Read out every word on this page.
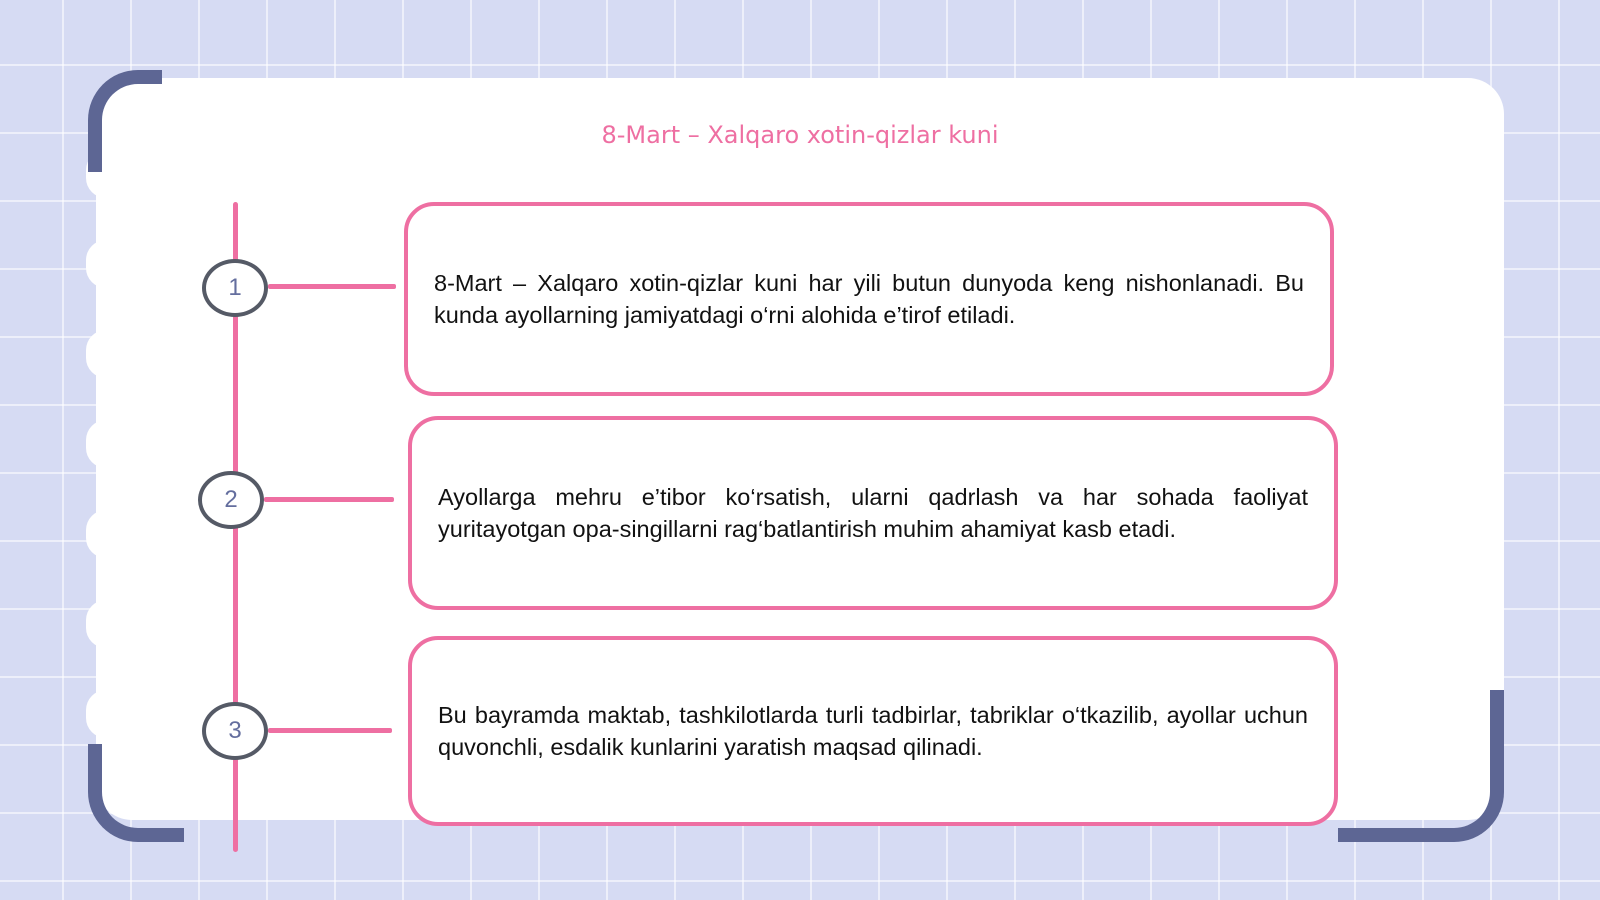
8-Mart – Xalqaro xotin-qizlar kuni
1	8-Mart – Xalqaro xotin-qizlar kuni har yili butun dunyoda keng nishonlanadi. Bu kunda ayollarning jamiyatdagi o‘rni alohida e’tirof etiladi.

2	Ayollarga mehru e’tibor ko‘rsatish, ularni qadrlash va har sohada faoliyat yuritayotgan opa-singillarni rag‘batlantirish muhim ahamiyat kasb etadi.

3

Bu bayramda maktab, tashkilotlarda turli tadbirlar, tabriklar o‘tkazilib, ayollar uchun quvonchli, esdalik kunlarini yaratish maqsad qilinadi.
